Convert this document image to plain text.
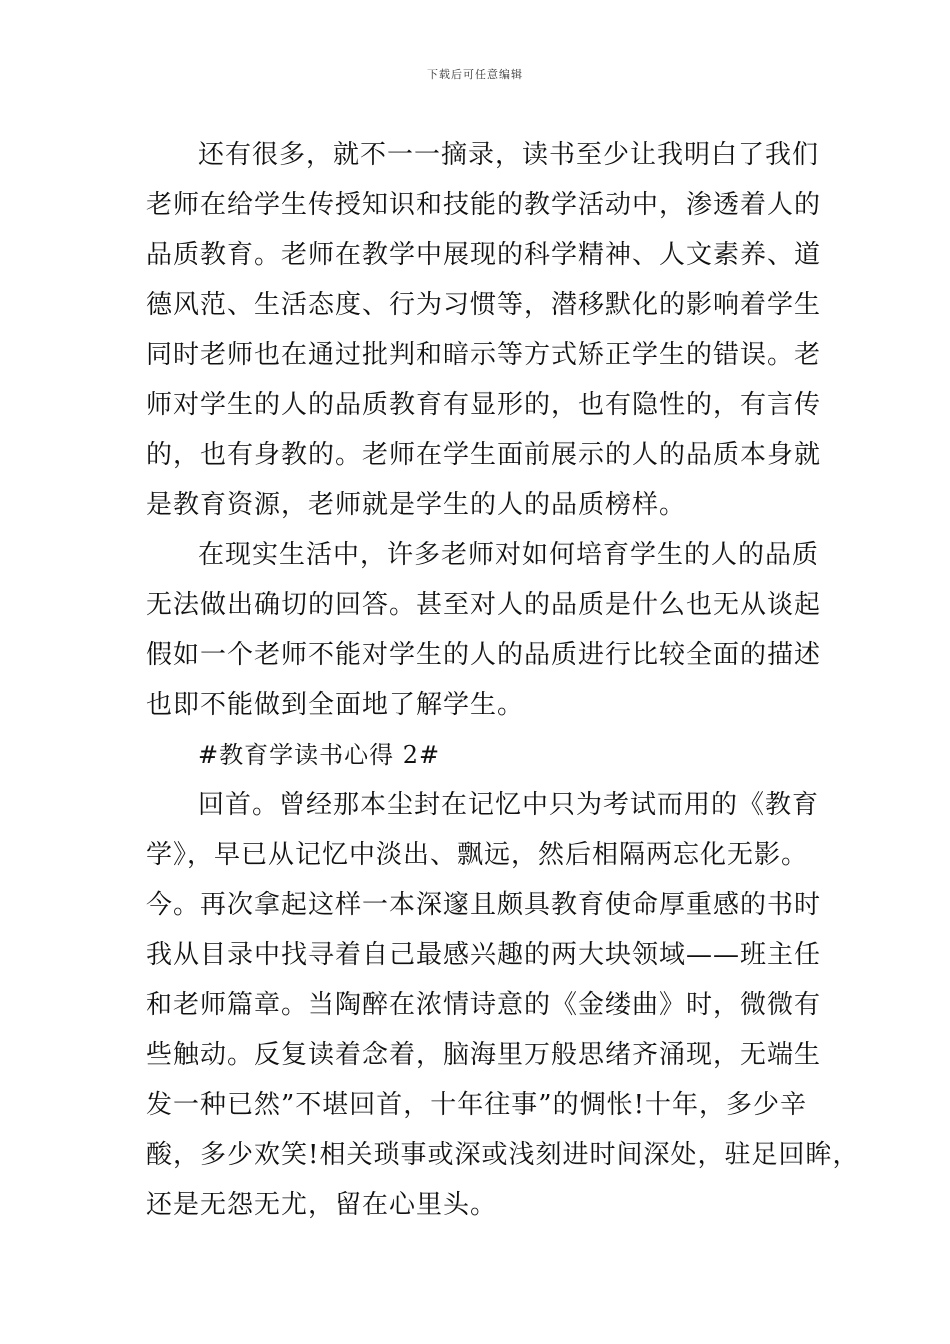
下载后可任意编辑
还有很多，就不一一摘录，读书至少让我明白了我们
老师在给学生传授知识和技能的教学活动中，渗透着人的
品质教育。老师在教学中展现的科学精神、人文素养、道
德风范、生活态度、行为习惯等，潜移默化的影响着学生
同时老师也在通过批判和暗示等方式矫正学生的错误。老
师对学生的人的品质教育有显形的，也有隐性的，有言传
的，也有身教的。老师在学生面前展示的人的品质本身就
是教育资源，老师就是学生的人的品质榜样。
在现实生活中，许多老师对如何培育学生的人的品质
无法做出确切的回答。甚至对人的品质是什么也无从谈起
假如一个老师不能对学生的人的品质进行比较全面的描述
也即不能做到全面地了解学生。
#教育学读书心得 2#
回首。曾经那本尘封在记忆中只为考试而用的《教育
学》，早已从记忆中淡出、飘远，然后相隔两忘化无影。
今。再次拿起这样一本深邃且颇具教育使命厚重感的书时
我从目录中找寻着自己最感兴趣的两大块领域——班主任
和老师篇章。当陶醉在浓情诗意的《金缕曲》时，微微有
些触动。反复读着念着，脑海里万般思绪齐涌现，无端生
发一种已然”不堪回首，十年往事”的惆怅!十年，多少辛
酸，多少欢笑!相关琐事或深或浅刻进时间深处，驻足回眸，
还是无怨无尤，留在心里头。
